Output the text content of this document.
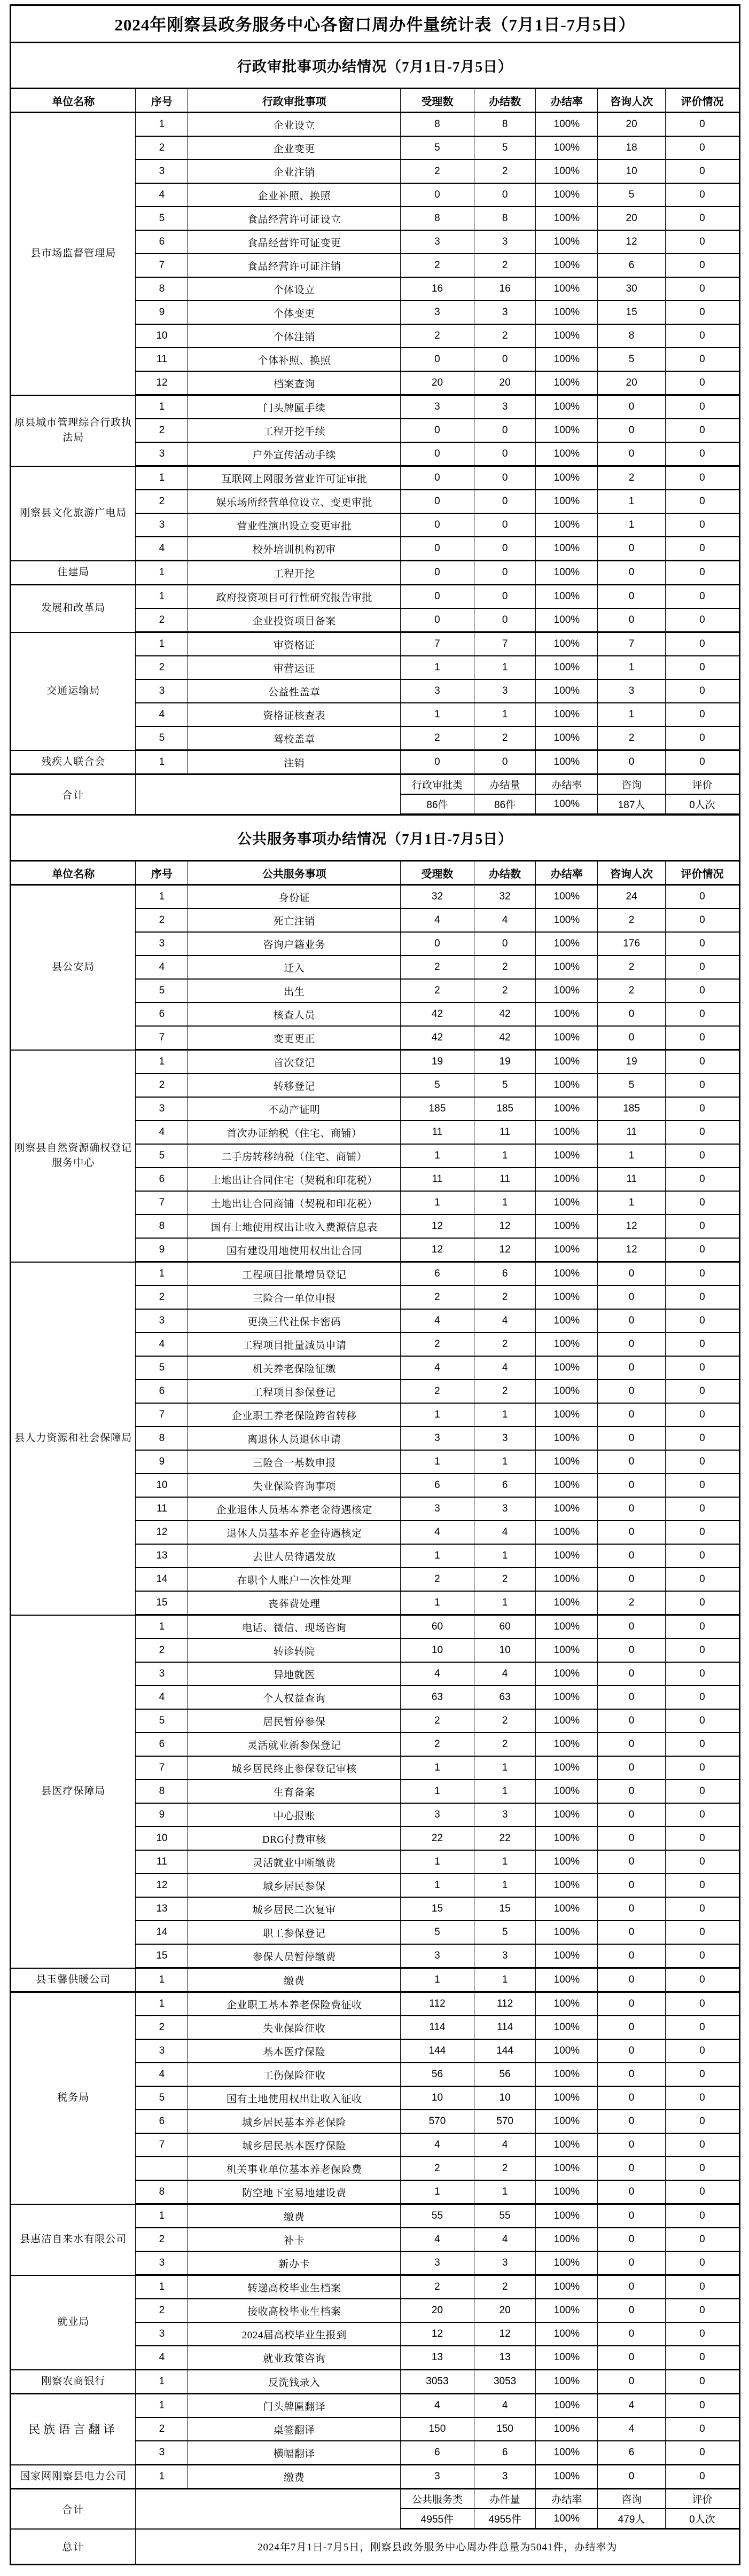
2024年刚察县政务服务中心各窗口周办件量统计表（7月1日-7月5日）
行政审批事项办结情况（7月1日-7月5日）
单位名称	序号	行政审批事项	受理数	办结数	办结率	咨询人次	评价情况
县市场监督管理局	1	企业设立	8	8	100%	20	0
	2	企业变更	5	5	100%	18	0
	3	企业注销	2	2	100%	10	0
	4	企业补照、换照	0	0	100%	5	0
	5	食品经营许可证设立	8	8	100%	20	0
	6	食品经营许可证变更	3	3	100%	12	0
	7	食品经营许可证注销	2	2	100%	6	0
	8	个体设立	16	16	100%	30	0
	9	个体变更	3	3	100%	15	0
	10	个体注销	2	2	100%	8	0
	11	个体补照、换照	0	0	100%	5	0
	12	档案查询	20	20	100%	20	0
原县城市管理综合行政执法局	1	门头牌匾手续	3	3	100%	0	0
	2	工程开挖手续	0	0	100%	0	0
	3	户外宣传活动手续	0	0	100%	0	0
刚察县文化旅游广电局	1	互联网上网服务营业许可证审批	0	0	100%	2	0
	2	娱乐场所经营单位设立、变更审批	0	0	100%	1	0
	3	营业性演出设立变更审批	0	0	100%	1	0
	4	校外培训机构初审	0	0	100%	0	0
住建局	1	工程开挖	0	0	100%	0	0
发展和改革局	1	政府投资项目可行性研究报告审批	0	0	100%	0	0
	2	企业投资项目备案	0	0	100%	0	0
交通运输局	1	审资格证	7	7	100%	7	0
	2	审营运证	1	1	100%	1	0
	3	公益性盖章	3	3	100%	3	0
	4	资格证核查表	1	1	100%	1	0
	5	驾校盖章	2	2	100%	2	0
残疾人联合会	1	注销	0	0	100%	0	0
合计			行政审批类	办结量	办结率	咨询	评价
			86件	86件	100%	187人	0人次
公共服务事项办结情况（7月1日-7月5日）
单位名称	序号	公共服务事项	受理数	办结数	办结率	咨询人次	评价情况
县公安局	1	身份证	32	32	100%	24	0
	2	死亡注销	4	4	100%	2	0
	3	咨询户籍业务	0	0	100%	176	0
	4	迁入	2	2	100%	2	0
	5	出生	2	2	100%	2	0
	6	核查人员	42	42	100%	0	0
	7	变更更正	42	42	100%	0	0
刚察县自然资源确权登记服务中心	1	首次登记	19	19	100%	19	0
	2	转移登记	5	5	100%	5	0
	3	不动产证明	185	185	100%	185	0
	4	首次办证纳税（住宅、商铺）	11	11	100%	11	0
	5	二手房转移纳税（住宅、商铺）	1	1	100%	1	0
	6	土地出让合同住宅（契税和印花税）	11	11	100%	11	0
	7	土地出让合同商铺（契税和印花税）	1	1	100%	1	0
	8	国有土地使用权出让收入费源信息表	12	12	100%	12	0
	9	国有建设用地使用权出让合同	12	12	100%	12	0
县人力资源和社会保障局	1	工程项目批量增员登记	6	6	100%	0	0
	2	三险合一单位申报	2	2	100%	0	0
	3	更换三代社保卡密码	4	4	100%	0	0
	4	工程项目批量减员申请	2	2	100%	0	0
	5	机关养老保险征缴	4	4	100%	0	0
	6	工程项目参保登记	2	2	100%	0	0
	7	企业职工养老保险跨省转移	1	1	100%	0	0
	8	离退休人员退休申请	3	3	100%	0	0
	9	三险合一基数申报	1	1	100%	0	0
	10	失业保险咨询事项	6	6	100%	0	0
	11	企业退休人员基本养老金待遇核定	3	3	100%	0	0
	12	退休人员基本养老金待遇核定	4	4	100%	0	0
	13	去世人员待遇发放	1	1	100%	0	0
	14	在职个人账户一次性处理	2	2	100%	0	0
	15	丧葬费处理	1	1	100%	2	0
县医疗保障局	1	电话、微信、现场咨询	60	60	100%	0	0
	2	转诊转院	10	10	100%	0	0
	3	异地就医	4	4	100%	0	0
	4	个人权益查询	63	63	100%	0	0
	5	居民暂停参保	2	2	100%	0	0
	6	灵活就业新参保登记	2	2	100%	0	0
	7	城乡居民终止参保登记审核	1	1	100%	0	0
	8	生育备案	1	1	100%	0	0
	9	中心报账	3	3	100%	0	0
	10	DRG付费审核	22	22	100%	0	0
	11	灵活就业中断缴费	1	1	100%	0	0
	12	城乡居民参保	1	1	100%	0	0
	13	城乡居民二次复审	15	15	100%	0	0
	14	职工参保登记	5	5	100%	0	0
	15	参保人员暂停缴费	3	3	100%	0	0
县玉馨供暖公司	1	缴费	1	1	100%	0	0
税务局	1	企业职工基本养老保险费征收	112	112	100%	0	0
	2	失业保险征收	114	114	100%	0	0
	3	基本医疗保险	144	144	100%	0	0
	4	工伤保险征收	56	56	100%	0	0
	5	国有土地使用权出让收入征收	10	10	100%	0	0
	6	城乡居民基本养老保险	570	570	100%	0	0
	7	城乡居民基本医疗保险	4	4	100%	0	0
		机关事业单位基本养老保险费	2	2	100%	0	0
	8	防空地下室易地建设费	1	1	100%	0	0
县惠洁自来水有限公司	1	缴费	55	55	100%	0	0
	2	补卡	4	4	100%	0	0
	3	新办卡	3	3	100%	0	0
就业局	1	转递高校毕业生档案	2	2	100%	0	0
	2	接收高校毕业生档案	20	20	100%	0	0
	3	2024届高校毕业生报到	12	12	100%	0	0
	4	就业政策咨询	13	13	100%	0	0
刚察农商银行	1	反洗钱录入	3053	3053	100%	0	0
民族语言翻译	1	门头牌匾翻译	4	4	100%	4	0
	2	桌签翻译	150	150	100%	4	0
	3	横幅翻译	6	6	100%	6	0
国家网刚察县电力公司	1	缴费	3	3	100%	0	0
合计			公共服务类	办件量	办结率	咨询	评价
			4955件	4955件	100%	479人	0人次
总计	2024年7月1日-7月5日，刚察县政务服务中心周办件总量为5041件，办结率为						
